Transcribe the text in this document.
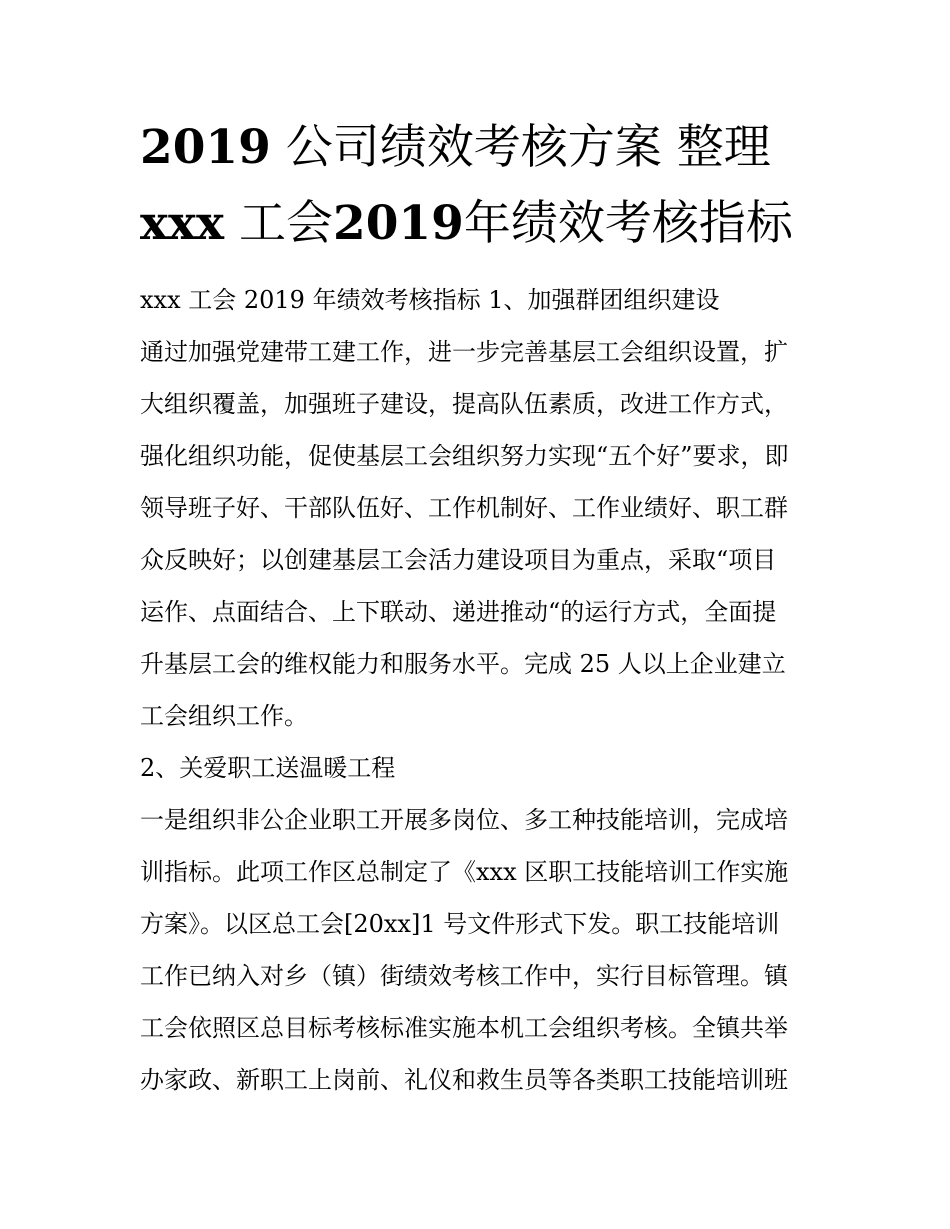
2019 公司绩效考核方案 整理
xxx 工会2019年绩效考核指标
xxx 工会 2019 年绩效考核指标 1、加强群团组织建设
通过加强党建带工建工作，进一步完善基层工会组织设置，扩
大组织覆盖，加强班子建设，提高队伍素质，改进工作方式，
强化组织功能，促使基层工会组织努力实现“五个好”要求，即
领导班子好、干部队伍好、工作机制好、工作业绩好、职工群
众反映好；以创建基层工会活力建设项目为重点，采取“项目
运作、点面结合、上下联动、递进推动“的运行方式，全面提
升基层工会的维权能力和服务水平。完成 25 人以上企业建立
工会组织工作。
2、关爱职工送温暖工程
一是组织非公企业职工开展多岗位、多工种技能培训，完成培
训指标。此项工作区总制定了《xxx 区职工技能培训工作实施
方案》。以区总工会[20xx]1 号文件形式下发。职工技能培训
工作已纳入对乡（镇）街绩效考核工作中，实行目标管理。镇
工会依照区总目标考核标准实施本机工会组织考核。全镇共举
办家政、新职工上岗前、礼仪和救生员等各类职工技能培训班
